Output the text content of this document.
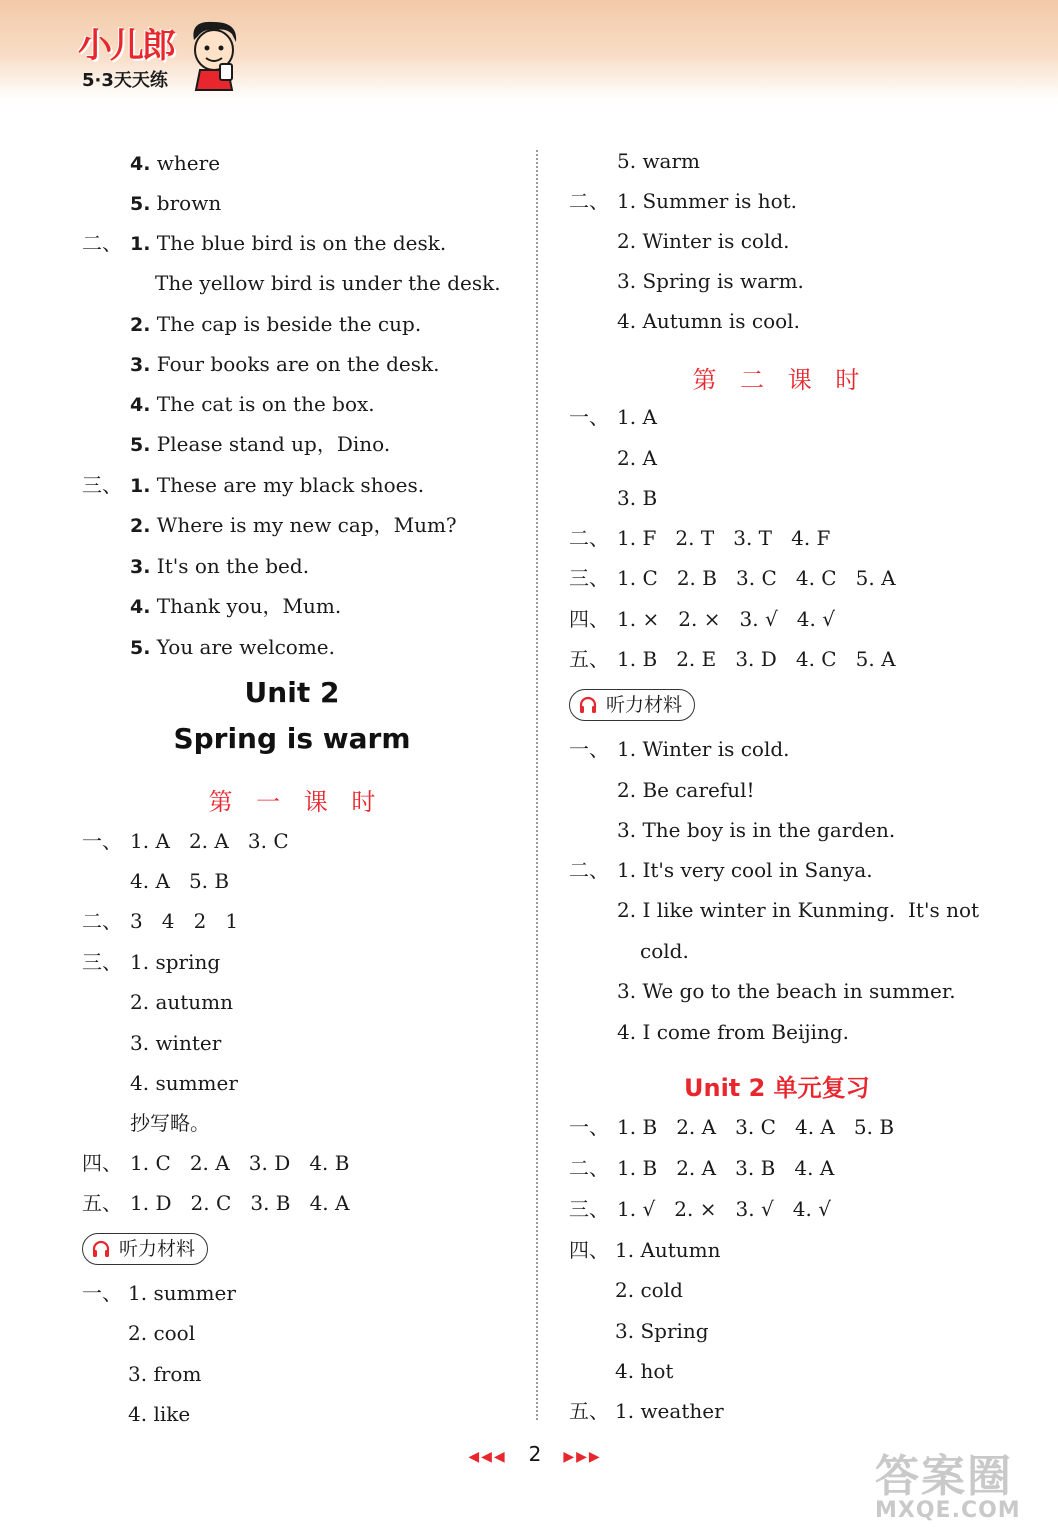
小儿郎
5·3天天练
4. where
5. brown
二、 1. The blue bird is on the desk.
The yellow bird is under the desk.
2. The cap is beside the cup.
3. Four books are on the desk.
4. The cat is on the box.
5. Please stand up，Dino.
三、 1. These are my black shoes.
2. Where is my new cap，Mum?
3. It's on the bed.
4. Thank you，Mum.
5. You are welcome.
Unit 2
Spring is warm
第 一 课 时
一、 1. A   2. A   3. C
4. A   5. B
二、 3   4   2   1
三、 1. spring
2. autumn
3. winter
4. summer
抄写略。
四、 1. C   2. A   3. D   4. B
五、 1. D   2. C   3. B   4. A
听力材料
一、 1. summer
2. cool
3. from
4. like
5. warm
二、 1. Summer is hot.
2. Winter is cold.
3. Spring is warm.
4. Autumn is cool.
第 二 课 时
一、 1. A
2. A
3. B
二、 1. F   2. T   3. T   4. F
三、 1. C   2. B   3. C   4. C   5. A
四、 1. ×   2. ×   3. √   4. √
五、 1. B   2. E   3. D   4. C   5. A
听力材料
一、 1. Winter is cold.
2. Be careful!
3. The boy is in the garden.
二、 1. It's very cool in Sanya.
2. I like winter in Kunming.  It's not
cold.
3. We go to the beach in summer.
4. I come from Beijing.
Unit 2 单元复习
一、 1. B   2. A   3. C   4. A   5. B
二、 1. B   2. A   3. B   4. A
三、 1. √   2. ×   3. √   4. √
四、 1. Autumn
2. cold
3. Spring
4. hot
五、 1. weather
◀◀◀ 2 ▶▶▶	答案圈
MXQE.COM
